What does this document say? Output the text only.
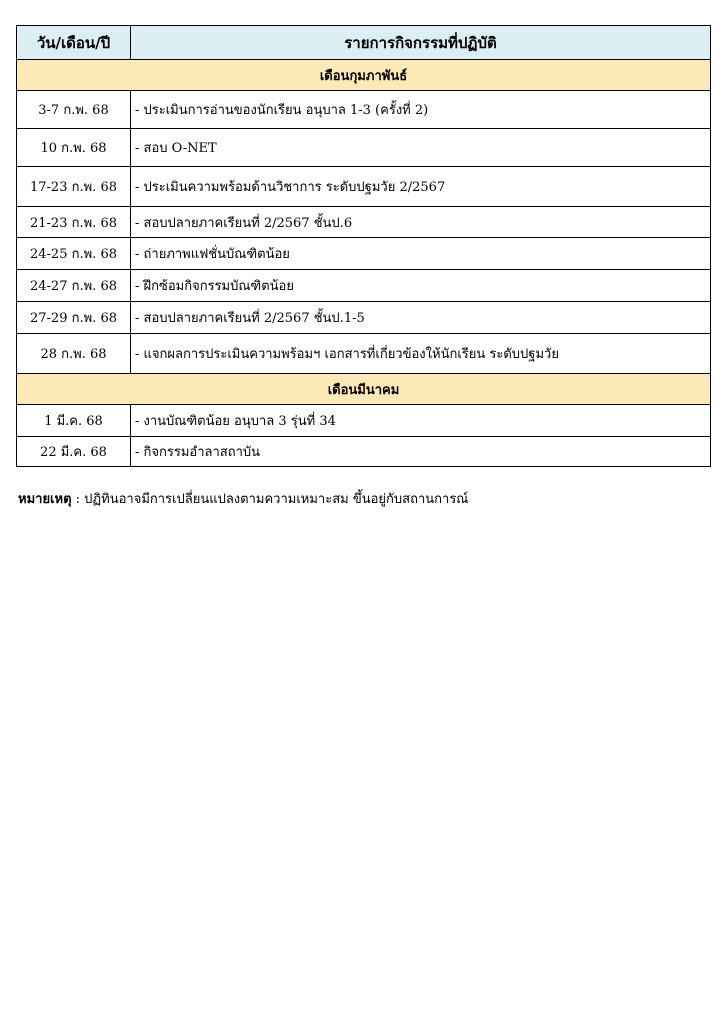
วัน/เดือน/ปี	รายการกิจกรรมที่ปฏิบัติ
เดือนกุมภาพันธ์	
3-7 ก.พ. 68	- ประเมินการอ่านของนักเรียน อนุบาล 1-3 (ครั้งที่ 2)
10 ก.พ. 68	- สอบ O-NET
17-23 ก.พ. 68	- ประเมินความพร้อมด้านวิชาการ ระดับปฐมวัย 2/2567
21-23 ก.พ. 68	- สอบปลายภาคเรียนที่ 2/2567 ชั้นป.6
24-25 ก.พ. 68	- ถ่ายภาพแฟชั่นบัณฑิตน้อย
24-27 ก.พ. 68	- ฝึกซ้อมกิจกรรมบัณฑิตน้อย
27-29 ก.พ. 68	- สอบปลายภาคเรียนที่ 2/2567 ชั้นป.1-5
28 ก.พ. 68	- แจกผลการประเมินความพร้อมฯ เอกสารที่เกี่ยวข้องให้นักเรียน ระดับปฐมวัย
เดือนมีนาคม	
1 มี.ค. 68	- งานบัณฑิตน้อย อนุบาล 3 รุ่นที่ 34
22 มี.ค. 68	- กิจกรรมอำลาสถาบัน
หมายเหตุ : ปฏิทินอาจมีการเปลี่ยนแปลงตามความเหมาะสม ขึ้นอยู่กับสถานการณ์
